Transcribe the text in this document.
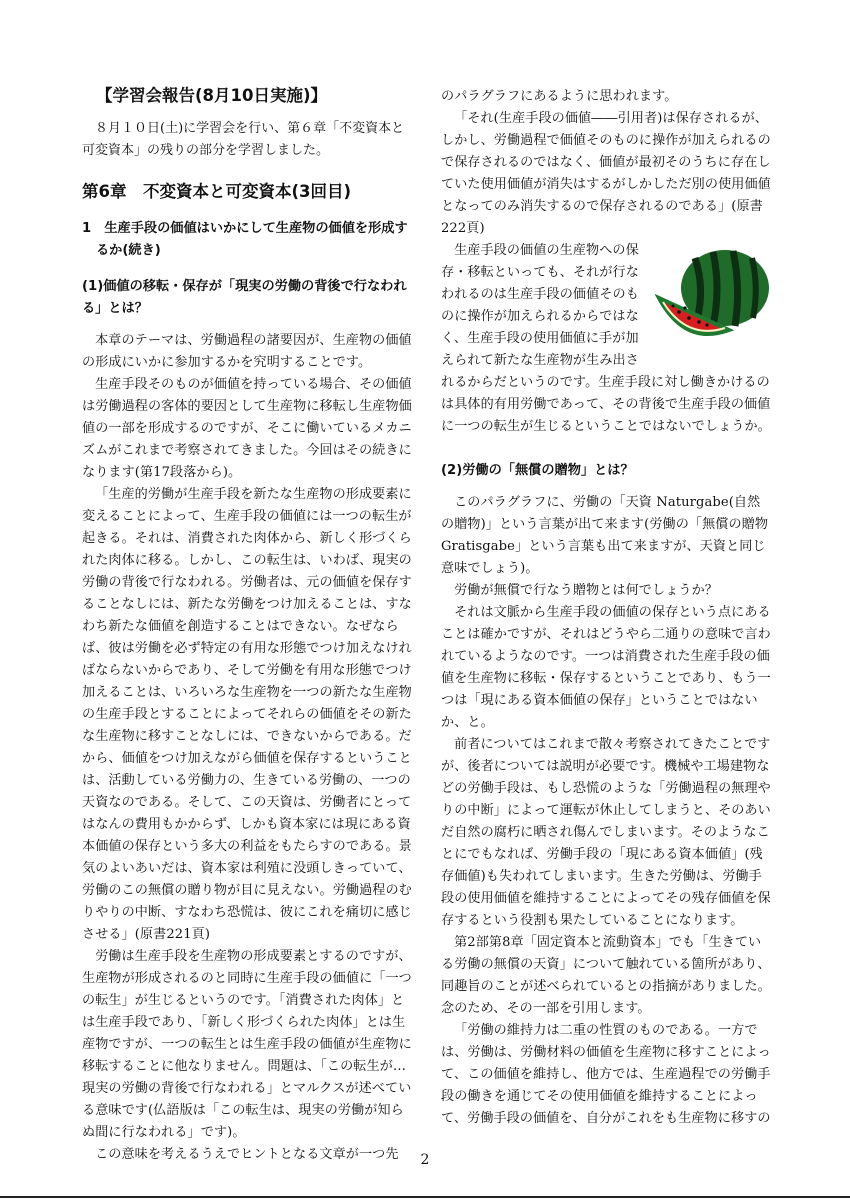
【学習会報告(8月10日実施)】

８月１０日(土)に学習会を行い、第６章「不変資本と可変資本」の残りの部分を学習しました。

第6章　不変資本と可変資本(3回目)
1　生産手段の価値はいかにして生産物の価値を形成するか(続き)
(1)価値の移転・保存が「現実の労働の背後で行なわれる」とは？

本章のテーマは、労働過程の諸要因が、生産物の価値の形成にいかに参加するかを究明することです。

生産手段そのものが価値を持っている場合、その価値は労働過程の客体的要因として生産物に移転し生産物価値の一部を形成するのですが、そこに働いているメカニズムがこれまで考察されてきました。今回はその続きになります(第17段落から)。

「生産的労働が生産手段を新たな生産物の形成要素に変えることによって、生産手段の価値には一つの転生が起きる。それは、消費された肉体から、新しく形づくられた肉体に移る。しかし、この転生は、いわば、現実の労働の背後で行なわれる。労働者は、元の価値を保存することなしには、新たな労働をつけ加えることは、すなわち新たな価値を創造することはできない。なぜならば、彼は労働を必ず特定の有用な形態でつけ加えなければならないからであり、そして労働を有用な形態でつけ加えることは、いろいろな生産物を一つの新たな生産物の生産手段とすることによってそれらの価値をその新たな生産物に移すことなしには、できないからである。だから、価値をつけ加えながら価値を保存するということは、活動している労働力の、生きている労働の、一つの天資なのである。そして、この天資は、労働者にとってはなんの費用もかからず、しかも資本家には現にある資本価値の保存という多大の利益をもたらすのである。景気のよいあいだは、資本家は利殖に没頭しきっていて、労働のこの無償の贈り物が目に見えない。労働過程のむりやりの中断、すなわち恐慌は、彼にこれを痛切に感じさせる」(原書221頁)

労働は生産手段を生産物の形成要素とするのですが、生産物が形成されるのと同時に生産手段の価値に「一つの転生」が生じるというのです。「消費された肉体」とは生産手段であり、「新しく形づくられた肉体」とは生産物ですが、一つの転生とは生産手段の価値が生産物に移転することに他なりません。問題は、「この転生が…現実の労働の背後で行なわれる」とマルクスが述べている意味です(仏語版は「この転生は、現実の労働が知らぬ間に行なわれる」です)。

この意味を考えるうえでヒントとなる文章が一つ先

のパラグラフにあるように思われます。

「それ(生産手段の価値――引用者)は保存されるが、しかし、労働過程で価値そのものに操作が加えられるので保存されるのではなく、価値が最初そのうちに存在していた使用価値が消失はするがしかしただ別の使用価値となってのみ消失するので保存されるのである」(原書222頁)

生産手段の価値の生産物への保存・移転といっても、それが行なわれるのは生産手段の価値そのものに操作が加えられるからではなく、生産手段の使用価値に手が加えられて新たな生産物が生み出されるからだというのです。生産手段に対し働きかけるのは具体的有用労働であって、その背後で生産手段の価値に一つの転生が生じるということではないでしょうか。

(2)労働の「無償の贈物」とは？

このパラグラフに、労働の「天資 Naturgabe(自然の贈物)」という言葉が出て来ます(労働の「無償の贈物Gratisgabe」という言葉も出て来ますが、天資と同じ意味でしょう)。

労働が無償で行なう贈物とは何でしょうか？

それは文脈から生産手段の価値の保存という点にあることは確かですが、それはどうやら二通りの意味で言われているようなのです。一つは消費された生産手段の価値を生産物に移転・保存するということであり、もう一つは「現にある資本価値の保存」ということではないか、と。

前者についてはこれまで散々考察されてきたことですが、後者については説明が必要です。機械や工場建物などの労働手段は、もし恐慌のような「労働過程の無理やりの中断」によって運転が休止してしまうと、そのあいだ自然の腐朽に晒され傷んでしまいます。そのようなことにでもなれば、労働手段の「現にある資本価値」(残存価値)も失われてしまいます。生きた労働は、労働手段の使用価値を維持することによってその残存価値を保存するという役割も果たしていることになります。

第2部第8章「固定資本と流動資本」でも「生きている労働の無償の天資」について触れている箇所があり、同趣旨のことが述べられているとの指摘がありました。念のため、その一部を引用します。

「労働の維持力は二重の性質のものである。一方では、労働は、労働材料の価値を生産物に移すことによって、この価値を維持し、他方では、生産過程での労働手段の働きを通じてその使用価値を維持することによって、労働手段の価値を、自分がこれをも生産物に移すの

2
